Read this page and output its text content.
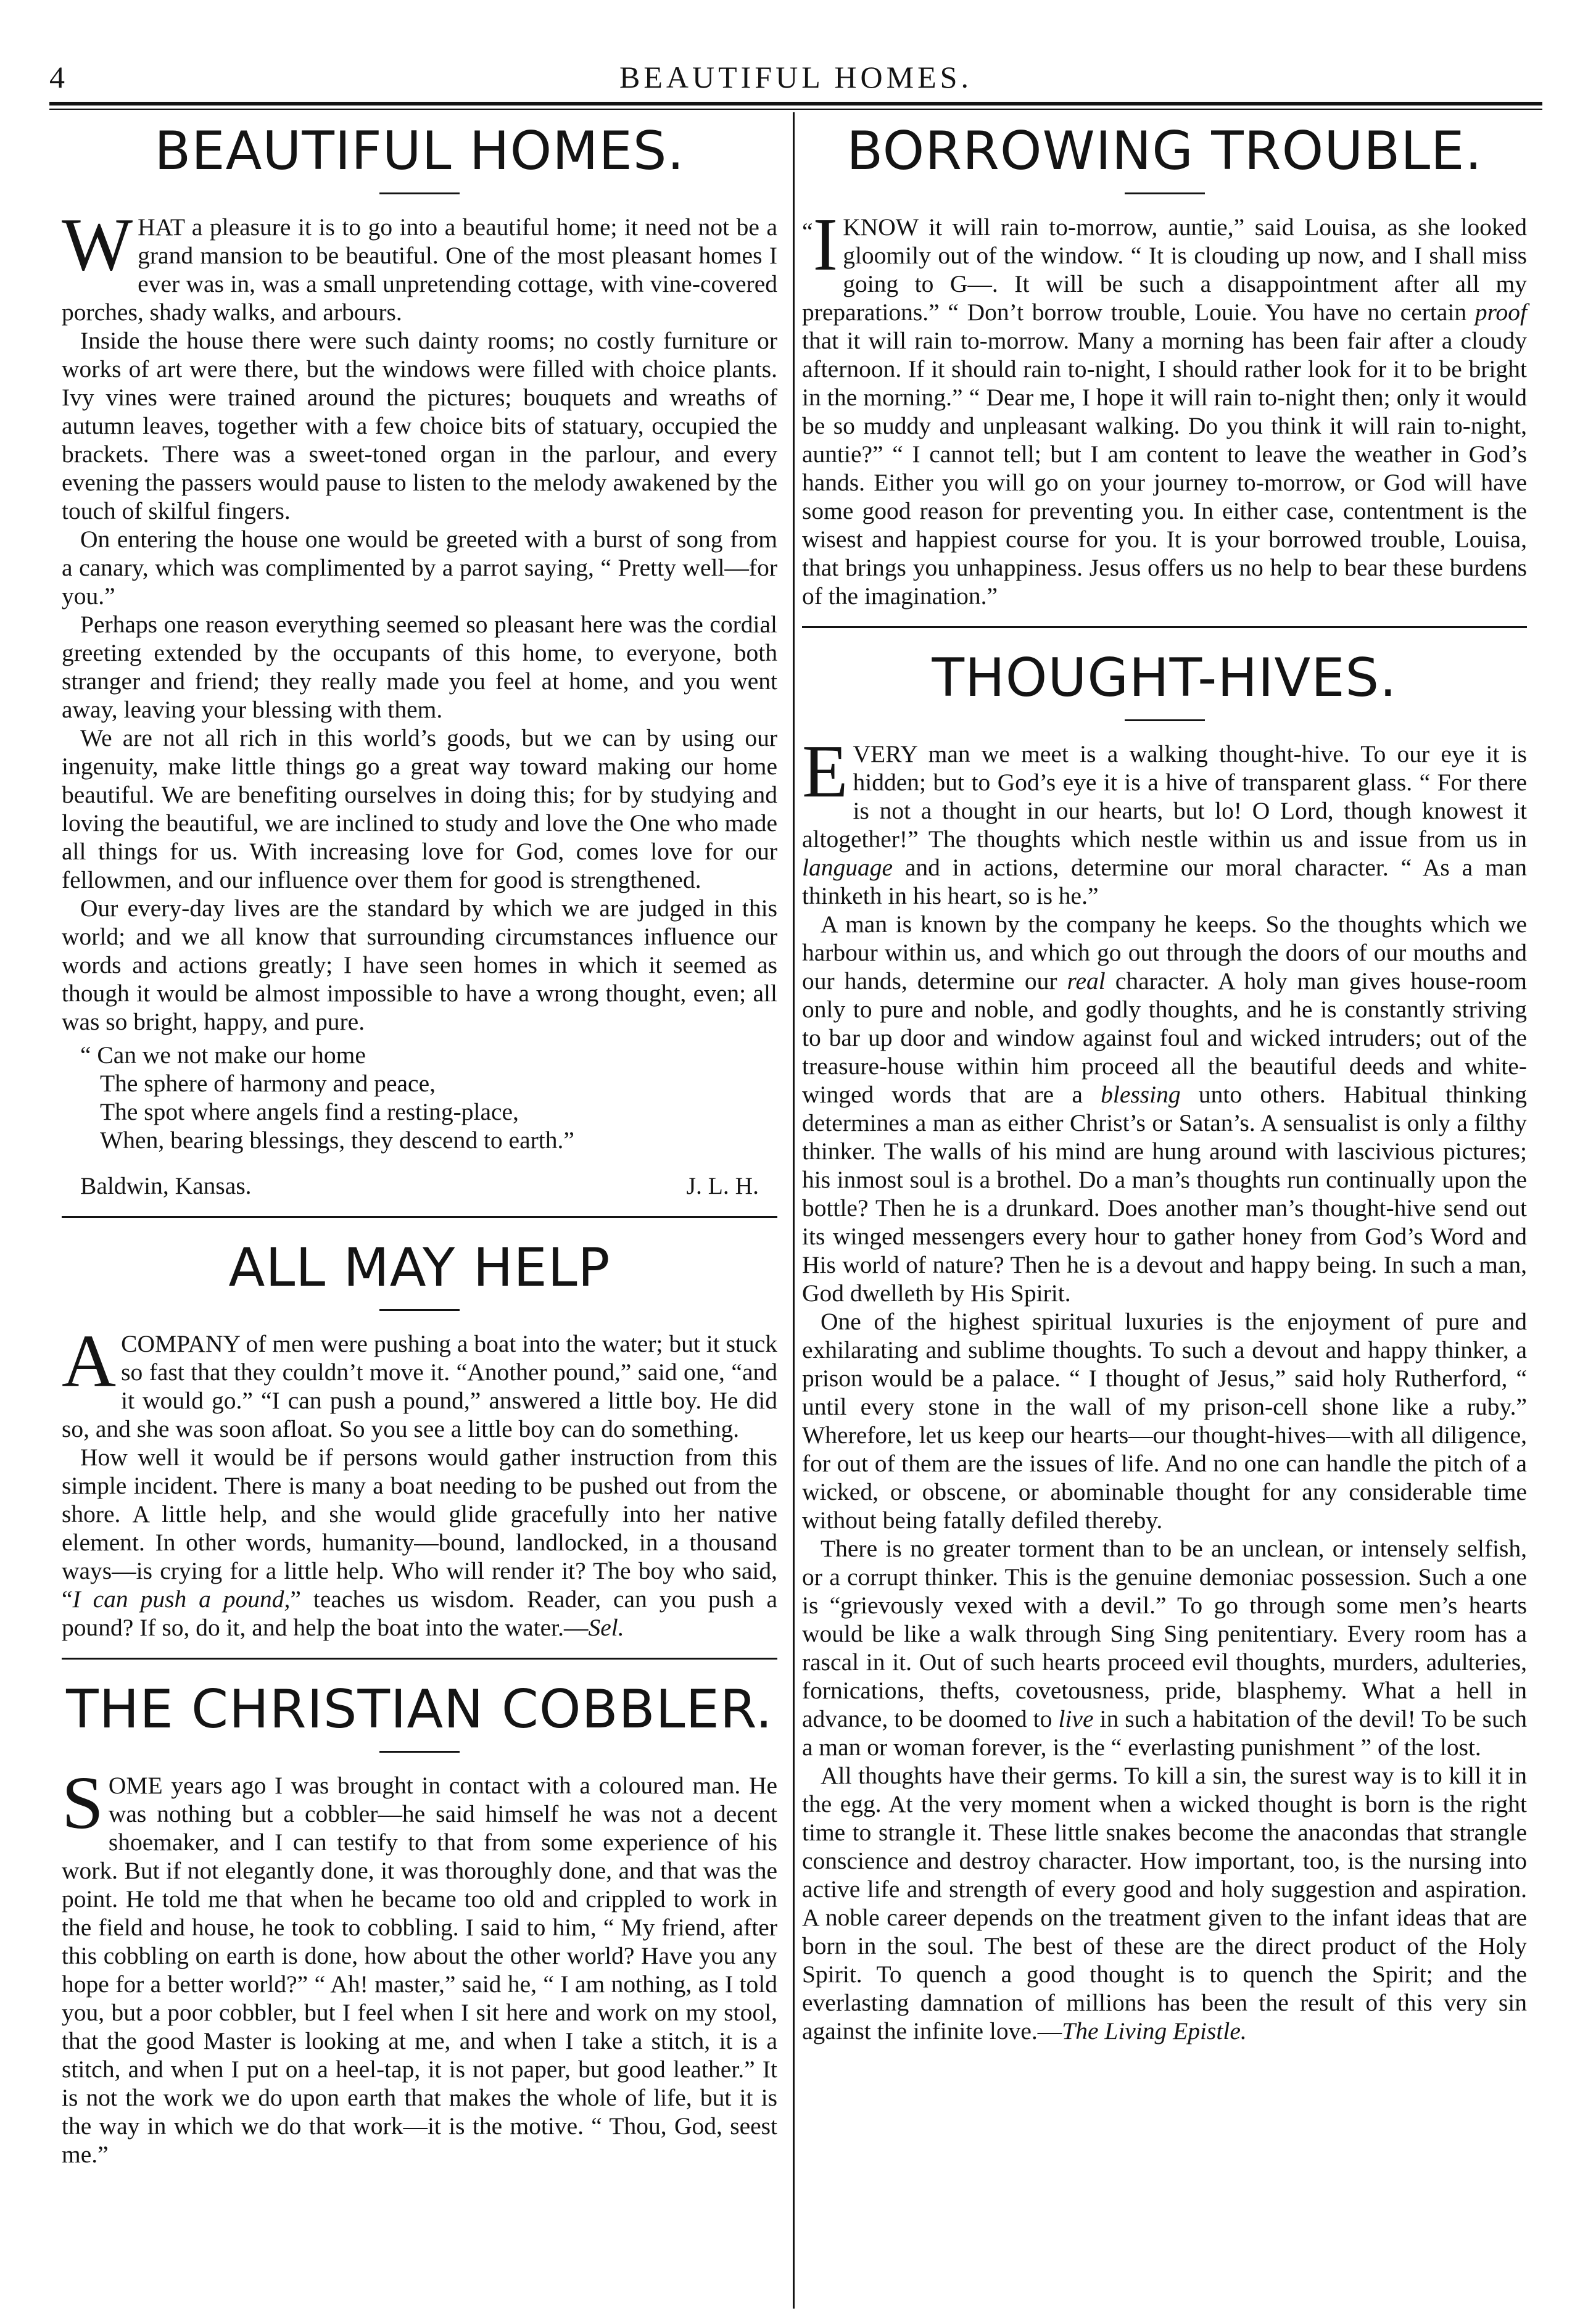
4	BEAUTIFUL HOMES.
BEAUTIFUL HOMES.

WHAT a pleasure it is to go into a beautiful home; it need not be a grand mansion to be beautiful. One of the most pleasant homes I ever was in, was a small unpretending cottage, with vine-covered porches, shady walks, and arbours.

Inside the house there were such dainty rooms; no costly furniture or works of art were there, but the windows were filled with choice plants. Ivy vines were trained around the pictures; bouquets and wreaths of autumn leaves, together with a few choice bits of statuary, occupied the brackets. There was a sweet-toned organ in the parlour, and every evening the passers would pause to listen to the melody awakened by the touch of skilful fingers.

On entering the house one would be greeted with a burst of song from a canary, which was complimented by a parrot saying, “ Pretty well—for you.”

Perhaps one reason everything seemed so pleasant here was the cordial greeting extended by the occupants of this home, to everyone, both stranger and friend; they really made you feel at home, and you went away, leaving your blessing with them.

We are not all rich in this world’s goods, but we can by using our ingenuity, make little things go a great way toward making our home beautiful. We are benefiting ourselves in doing this; for by studying and loving the beautiful, we are inclined to study and love the One who made all things for us. With increasing love for God, comes love for our fellowmen, and our influence over them for good is strengthened.

Our every-day lives are the standard by which we are judged in this world; and we all know that surrounding circumstances influence our words and actions greatly; I have seen homes in which it seemed as though it would be almost impossible to have a wrong thought, even; all was so bright, happy, and pure.

“ Can we not make our home
The sphere of harmony and peace,
The spot where angels find a resting-place,
When, bearing blessings, they descend to earth.”
Baldwin, Kansas.	J. L. H.
ALL MAY HELP

ACOMPANY of men were pushing a boat into the water; but it stuck so fast that they couldn’t move it. “Another pound,” said one, “and it would go.” “I can push a pound,” answered a little boy. He did so, and she was soon afloat. So you see a little boy can do something.

How well it would be if persons would gather instruction from this simple incident. There is many a boat needing to be pushed out from the shore. A little help, and she would glide gracefully into her native element. In other words, humanity—bound, landlocked, in a thousand ways—is crying for a little help. Who will render it? The boy who said, “I can push a pound,” teaches us wisdom. Reader, can you push a pound? If so, do it, and help the boat into the water.—Sel.

THE CHRISTIAN COBBLER.

SOME years ago I was brought in contact with a coloured man. He was nothing but a cobbler—he said himself he was not a decent shoemaker, and I can testify to that from some experience of his work. But if not elegantly done, it was thoroughly done, and that was the point. He told me that when he became too old and crippled to work in the field and house, he took to cobbling. I said to him, “ My friend, after this cobbling on earth is done, how about the other world? Have you any hope for a better world?” “ Ah! master,” said he, “ I am nothing, as I told you, but a poor cobbler, but I feel when I sit here and work on my stool, that the good Master is looking at me, and when I take a stitch, it is a stitch, and when I put on a heel-tap, it is not paper, but good leather.” It is not the work we do upon earth that makes the whole of life, but it is the way in which we do that work—it is the motive. “ Thou, God, seest me.”

BORROWING TROUBLE.

“ I KNOW it will rain to-morrow, auntie,” said Louisa, as she looked gloomily out of the window. “ It is clouding up now, and I shall miss going to G—. It will be such a disappointment after all my preparations.” “ Don’t borrow trouble, Louie. You have no certain proof that it will rain to-morrow. Many a morning has been fair after a cloudy afternoon. If it should rain to-night, I should rather look for it to be bright in the morning.” “ Dear me, I hope it will rain to-night then; only it would be so muddy and unpleasant walking. Do you think it will rain to-night, auntie?” “ I cannot tell; but I am content to leave the weather in God’s hands. Either you will go on your journey to-morrow, or God will have some good reason for preventing you. In either case, contentment is the wisest and happiest course for you. It is your borrowed trouble, Louisa, that brings you unhappiness. Jesus offers us no help to bear these burdens of the imagination.”

THOUGHT-HIVES.

EVERY man we meet is a walking thought-hive. To our eye it is hidden; but to God’s eye it is a hive of transparent glass. “ For there is not a thought in our hearts, but lo! O Lord, though knowest it altogether!” The thoughts which nestle within us and issue from us in language and in actions, determine our moral character. “ As a man thinketh in his heart, so is he.”

A man is known by the company he keeps. So the thoughts which we harbour within us, and which go out through the doors of our mouths and our hands, determine our real character. A holy man gives house-room only to pure and noble, and godly thoughts, and he is constantly striving to bar up door and window against foul and wicked intruders; out of the treasure-house within him proceed all the beautiful deeds and white-winged words that are a blessing unto others. Habitual thinking determines a man as either Christ’s or Satan’s. A sensualist is only a filthy thinker. The walls of his mind are hung around with lascivious pictures; his inmost soul is a brothel. Do a man’s thoughts run continually upon the bottle? Then he is a drunkard. Does another man’s thought-hive send out its winged messengers every hour to gather honey from God’s Word and His world of nature? Then he is a devout and happy being. In such a man, God dwelleth by His Spirit.

One of the highest spiritual luxuries is the enjoyment of pure and exhilarating and sublime thoughts. To such a devout and happy thinker, a prison would be a palace. “ I thought of Jesus,” said holy Rutherford, “ until every stone in the wall of my prison-cell shone like a ruby.” Wherefore, let us keep our hearts—our thought-hives—with all diligence, for out of them are the issues of life. And no one can handle the pitch of a wicked, or obscene, or abominable thought for any considerable time without being fatally defiled thereby.

There is no greater torment than to be an unclean, or intensely selfish, or a corrupt thinker. This is the genuine demoniac possession. Such a one is “grievously vexed with a devil.” To go through some men’s hearts would be like a walk through Sing Sing penitentiary. Every room has a rascal in it. Out of such hearts proceed evil thoughts, murders, adulteries, fornications, thefts, covetousness, pride, blasphemy. What a hell in advance, to be doomed to live in such a habitation of the devil! To be such a man or woman forever, is the “ everlasting punishment ” of the lost.

All thoughts have their germs. To kill a sin, the surest way is to kill it in the egg. At the very moment when a wicked thought is born is the right time to strangle it. These little snakes become the anacondas that strangle conscience and destroy character. How important, too, is the nursing into active life and strength of every good and holy suggestion and aspiration. A noble career depends on the treatment given to the infant ideas that are born in the soul. The best of these are the direct product of the Holy Spirit. To quench a good thought is to quench the Spirit; and the everlasting damnation of millions has been the result of this very sin against the infinite love.—The Living Epistle.
